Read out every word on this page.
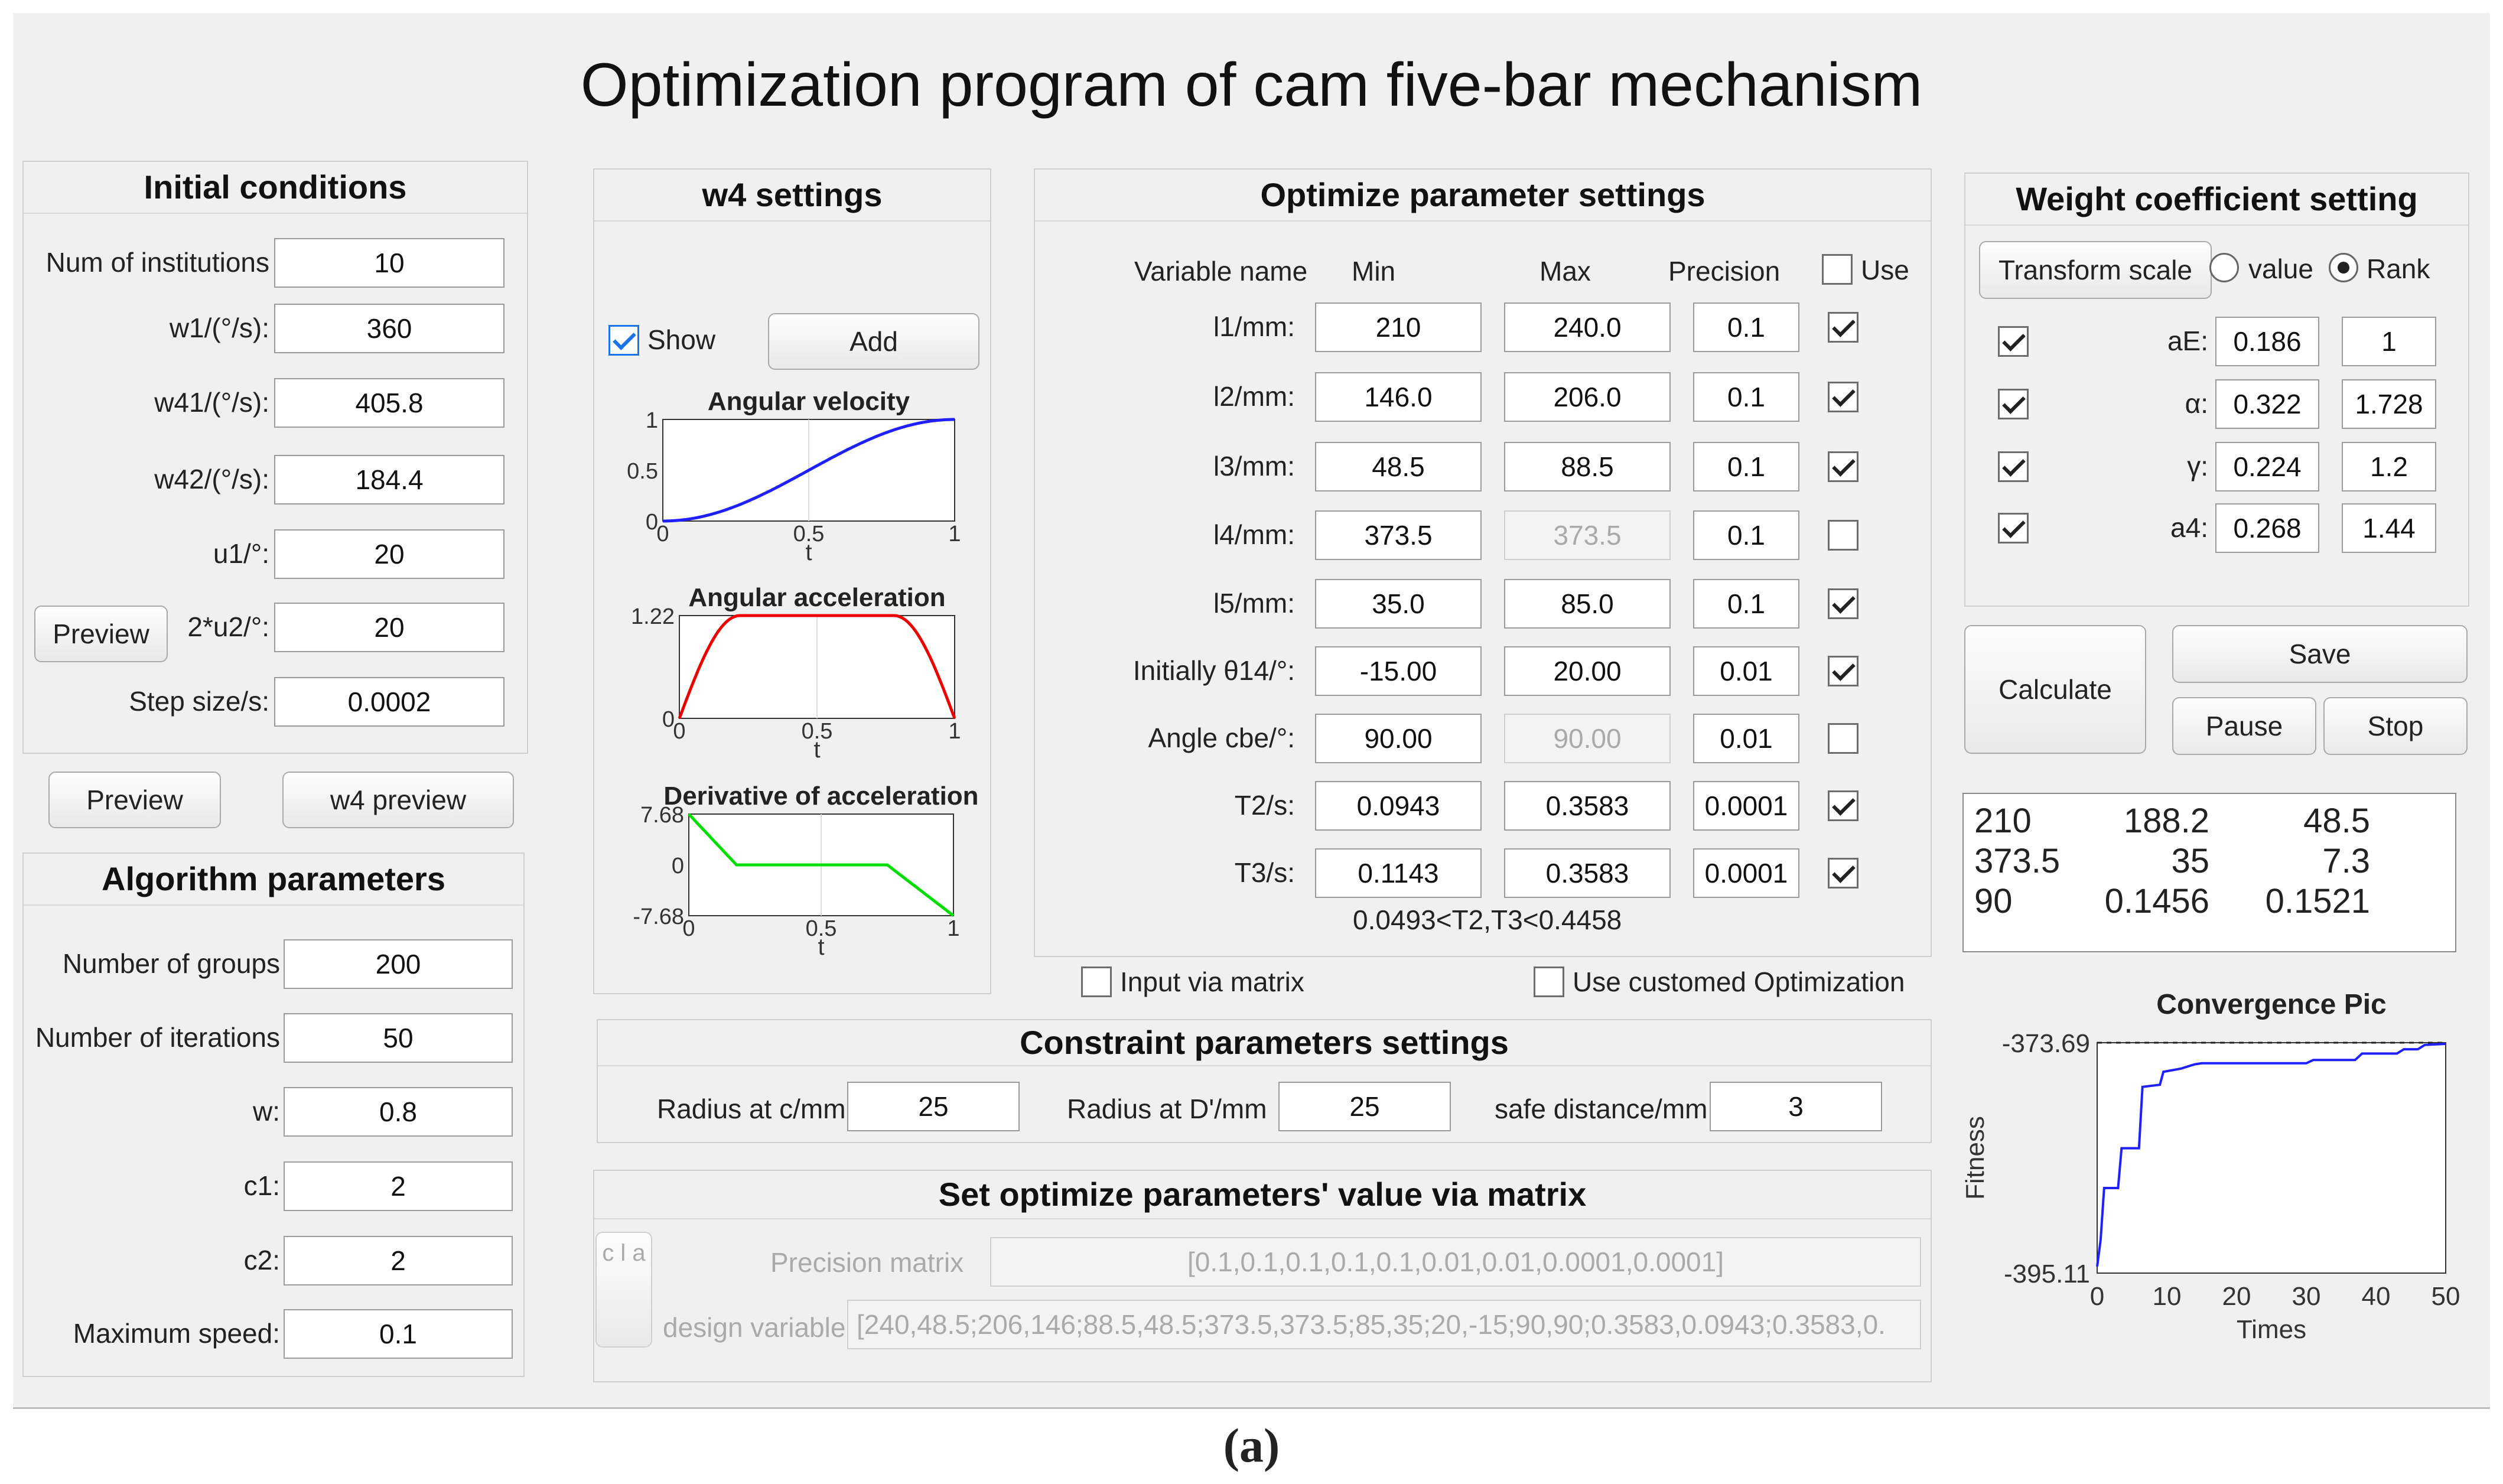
Optimization program of cam five-bar mechanism
Initial conditions
Num of institutions	10
w1/(°/s):	360
w41/(°/s):	405.8
w42/(°/s):	184.4
u1/°:	20
2*u2/°:	20
Step size/s:	0.0002
Preview
Preview	w4 preview
Algorithm parameters
Number of groups	200
Number of iterations	50
w:	0.8
c1:	2
c2:	2
Maximum speed:	0.1
w4 settings
Show	Add
Angular velocity
1
0.5
0
0	0.5	1
t
Angular acceleration
1.22
0
0	0.5	1
t
Derivative of acceleration
7.68
0
-7.68
0	0.5	1
t
Optimize parameter settings
Variable name Min	Max	Precision	Use
l1/mm:	210	240.0	0.1
l2/mm:	146.0	206.0	0.1
l3/mm:	48.5	88.5	0.1
l4/mm:	373.5	373.5	0.1
l5/mm:	35.0	85.0	0.1
Initially θ14/°:	-15.00	20.00	0.01
Angle cbe/°:	90.00	90.00	0.01
T2/s:	0.0943	0.3583	0.0001
T3/s:	0.1143	0.3583	0.0001
0.0493<T2,T3<0.4458
Input via matrix	Use customed Optimization
Constraint parameters settings
Radius at c/mm	25	Radius at D'/mm	25	safe distance/mm	3
Set optimize parameters' value via matrix
c l a	Precision matrix	[0.1,0.1,0.1,0.1,0.1,0.01,0.01,0.0001,0.0001]
design variable [240,48.5;206,146;88.5,48.5;373.5,373.5;85,35;20,-15;90,90;0.3583,0.0943;0.3583,0.
Weight coefficient setting
Transform scale	value Rank
aE: 0.186	1
α: 0.322	1.728
γ: 0.224	1.2
a4: 0.268	1.44
Calculate
Save
Pause	Stop
210	188.2	48.5
373.5	35	7.3
90	0.1456 0.1521
Convergence Pic
-373.69
-395.11
0 10 20 30 40 50
Times
Fitness
(a)
